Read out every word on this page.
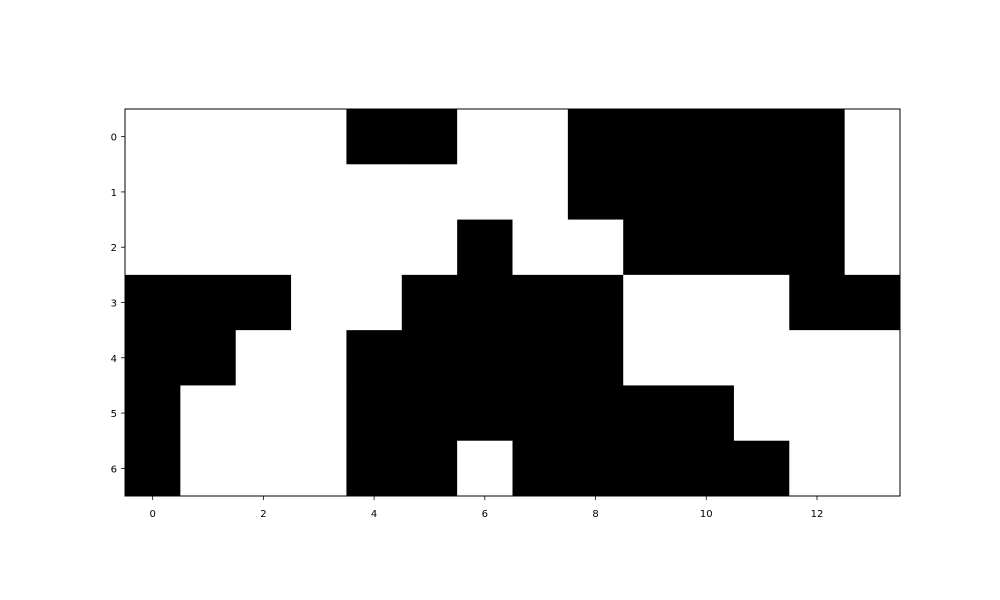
0	2	4	6	8	10	12
0
1
2
3
4
5
6
